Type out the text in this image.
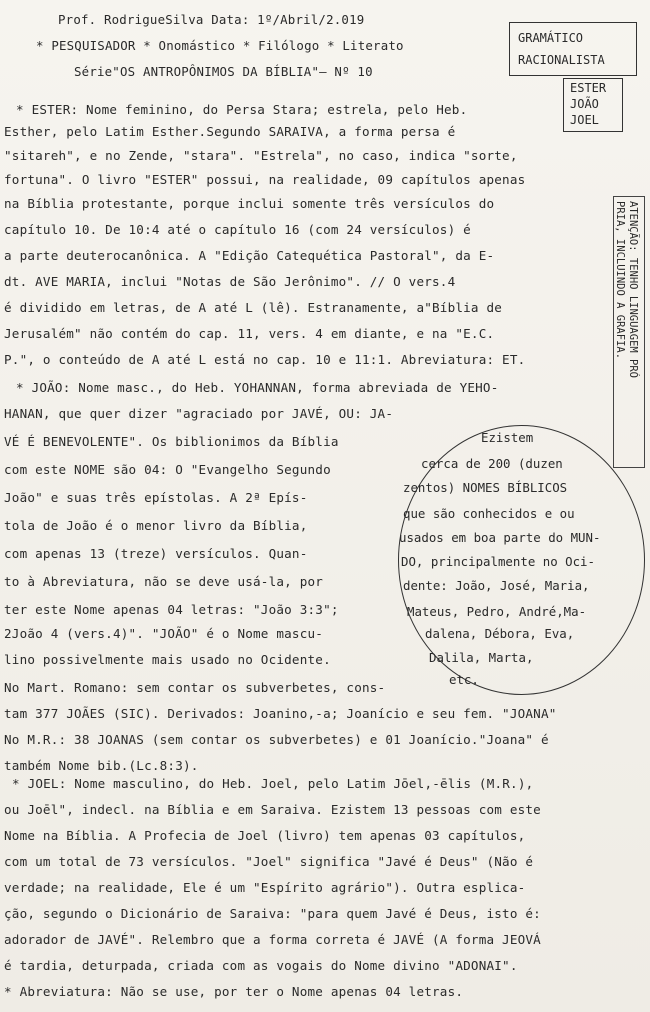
Prof. RodrigueSilva Data: 1º/Abril/2.019
* PESQUISADOR * Onomástico * Filólogo * Literato
Série"OS ANTROPÔNIMOS DA BÍBLIA"— Nº 10
GRAMÁTICO
RACIONALISTA
ESTER
JOÃO
JOEL
ATENÇÃO: TENHO LINGUAGEM PRÓ
PRIA, INCLUINDO A GRAFIA.
Ezistem
cerca de 200 (duzen
zentos) NOMES BÍBLICOS
que são conhecidos e ou
usados em boa parte do MUN-
DO, principalmente no Oci-
dente: João, José, Maria,
Mateus, Pedro, André,Ma-
dalena, Débora, Eva,
Dalila, Marta,
etc.
* ESTER: Nome feminino, do Persa Stara; estrela, pelo Heb.
Esther, pelo Latim Esther.Segundo SARAIVA, a forma persa é
"sitareh", e no Zende, "stara". "Estrela", no caso, indica "sorte,
fortuna". O livro "ESTER" possui, na realidade, 09 capítulos apenas
na Bíblia protestante, porque inclui somente três versículos do
capítulo 10. De 10:4 até o capítulo 16 (com 24 versículos) é
a parte deuterocanônica. A "Edição Catequética Pastoral", da E-
dt. AVE MARIA, inclui "Notas de São Jerônimo". // O vers.4
é dividido em letras, de A até L (lê). Estranamente, a"Bíblia de
Jerusalém" não contém do cap. 11, vers. 4 em diante, e na "E.C.
P.", o conteúdo de A até L está no cap. 10 e 11:1. Abreviatura: ET.
* JOÃO: Nome masc., do Heb. YOHANNAN, forma abreviada de YEHO-
HANAN, que quer dizer "agraciado por JAVÉ, OU: JA-
VÉ É BENEVOLENTE". Os biblionimos da Bíblia
com este NOME são 04: O "Evangelho Segundo
João" e suas três epístolas. A 2ª Epís-
tola de João é o menor livro da Bíblia,
com apenas 13 (treze) versículos. Quan-
to à Abreviatura, não se deve usá-la, por
ter este Nome apenas 04 letras: "João 3:3";
2João 4 (vers.4)". "JOÃO" é o Nome mascu-
lino possivelmente mais usado no Ocidente.
No Mart. Romano: sem contar os subverbetes, cons-
tam 377 JOÃES (SIC). Derivados: Joanino,-a; Joanício e seu fem. "JOANA"
No M.R.: 38 JOANAS (sem contar os subverbetes) e 01 Joanício."Joana" é
também Nome bib.(Lc.8:3).
* JOEL: Nome masculino, do Heb. Joel, pelo Latim Jōel,-ēlis (M.R.),
ou Joēl", indecl. na Bíblia e em Saraiva. Ezistem 13 pessoas com este
Nome na Bíblia. A Profecia de Joel (livro) tem apenas 03 capítulos,
com um total de 73 versículos. "Joel" significa "Javé é Deus" (Não é
verdade; na realidade, Ele é um "Espírito agrário"). Outra esplica-
ção, segundo o Dicionário de Saraiva: "para quem Javé é Deus, isto é:
adorador de JAVÉ". Relembro que a forma correta é JAVÉ (A forma JEOVÁ
é tardia, deturpada, criada com as vogais do Nome divino "ADONAI".
* Abreviatura: Não se use, por ter o Nome apenas 04 letras.
